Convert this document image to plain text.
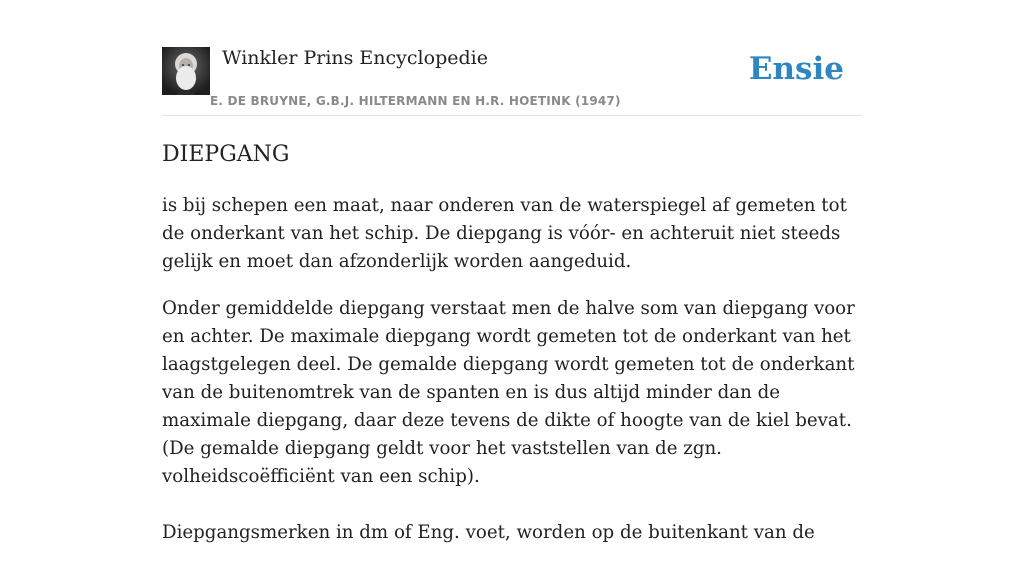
Winkler Prins Encyclopedie
E. DE BRUYNE, G.B.J. HILTERMANN EN H.R. HOETINK (1947)
Ensie
DIEPGANG

is bij schepen een maat, naar onderen van de waterspiegel af gemeten tot de onderkant van het schip. De diepgang is vóór- en achteruit niet steeds gelijk en moet dan afzonderlijk worden aangeduid.

Onder gemiddelde diepgang verstaat men de halve som van diepgang voor en achter. De maximale diepgang wordt gemeten tot de onderkant van het laagstgelegen deel. De gemalde diepgang wordt gemeten tot de onderkant van de buitenomtrek van de spanten en is dus altijd minder dan de maximale diepgang, daar deze tevens de dikte of hoogte van de kiel bevat. (De gemalde diepgang geldt voor het vaststellen van de zgn. volheidscoëfficiënt van een schip).

Diepgangsmerken in dm of Eng. voet, worden op de buitenkant van de
